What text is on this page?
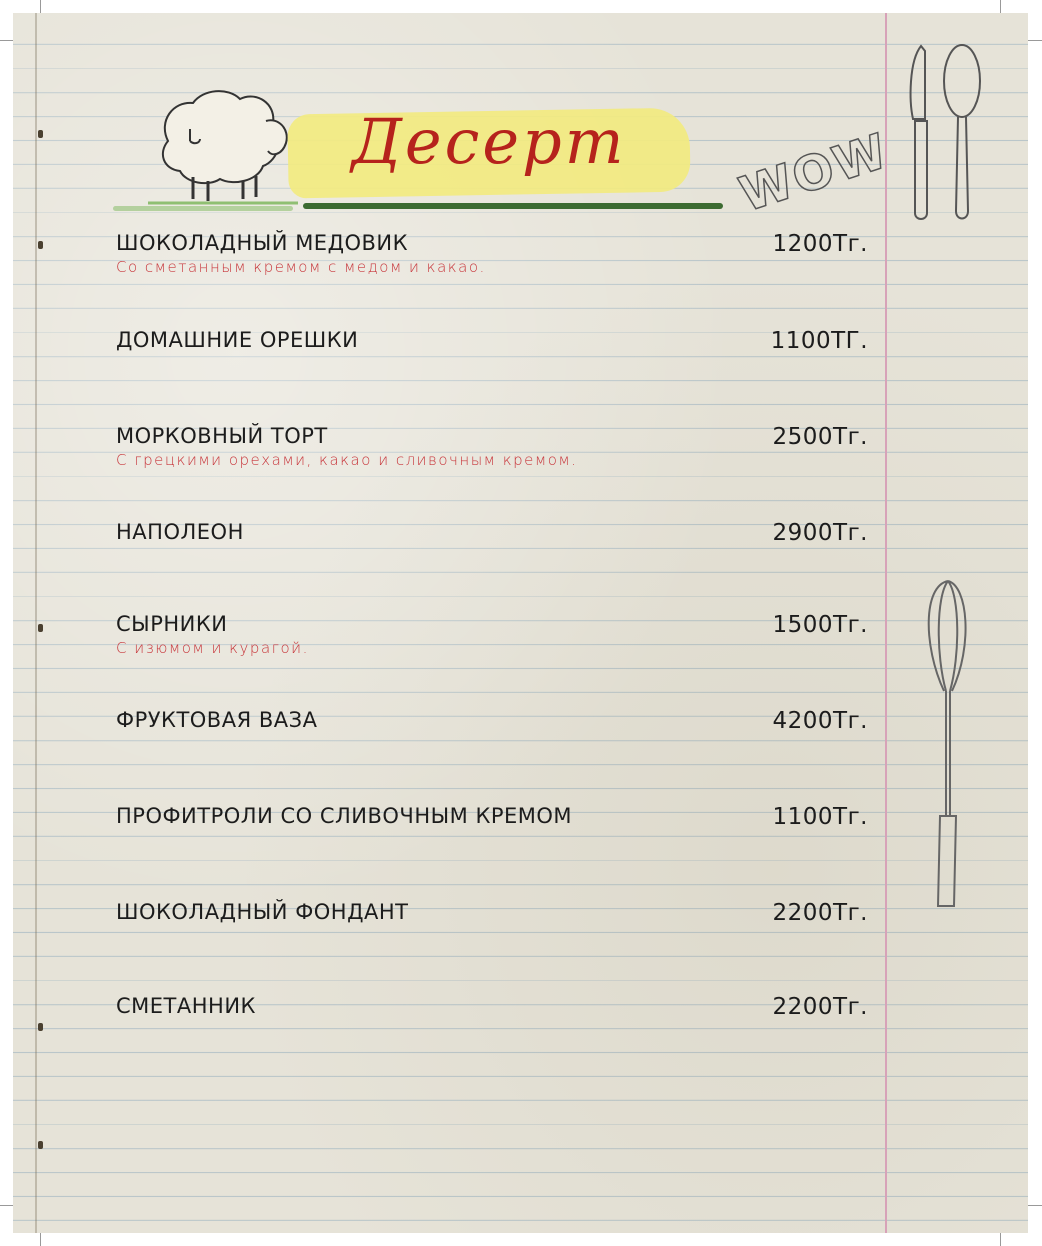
Десерт	WOW
ШОКОЛАДНЫЙ МЕДОВИК	1200Тг.
Со сметанным кремом с медом и какао.
ДОМАШНИЕ ОРЕШКИ	1100ТГ.
МОРКОВНЫЙ ТОРТ	2500Тг.
С грецкими орехами, какао и сливочным кремом.
НАПОЛЕОН	2900Тг.
СЫРНИКИ	1500Тг.
С изюмом и курагой.
ФРУКТОВАЯ ВАЗА	4200Тг.
ПРОФИТРОЛИ СО СЛИВОЧНЫМ КРЕМОМ	1100Тг.
ШОКОЛАДНЫЙ ФОНДАНТ	2200Тг.
СМЕТАННИК	2200Тг.
